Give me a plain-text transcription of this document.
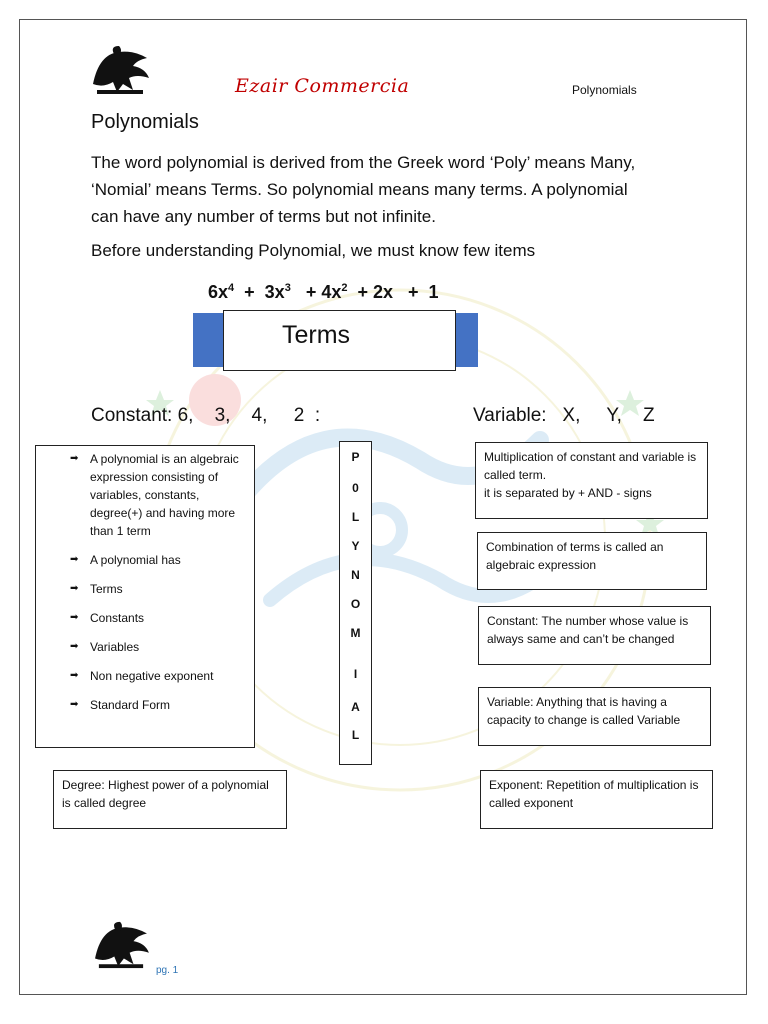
Ezair Commercia	Polynomials
Polynomials
The word polynomial is derived from the Greek word ‘Poly’ means Many, ‘Nomial’ means Terms. So polynomial means many terms. A polynomial can have any number of terms but not infinite.
Before understanding Polynomial, we must know few items
$6x^4 + 3x^3 + 4x^2 + 2x + 1$
Terms
Constant: 6,    3,    4,     2  :	Variable:   X,     Y,    Z
➡ A polynomial is an algebraic expression consisting of variables, constants, degree(+) and having more than 1 term
➡ A polynomial has
➡ Terms
➡ Constants
➡ Variables
➡ Non negative exponent
➡ Standard Form
P
0
L
Y
N
O
M
I
A
L
Multiplication of constant and variable is called term.
it is separated by + AND - signs
Combination of terms is called an algebraic expression
Constant: The number whose value is always same and can’t be changed
Variable: Anything that is having a capacity to change is called Variable
Exponent: Repetition of multiplication is called exponent
Degree: Highest power of a polynomial is called degree
pg. 1
